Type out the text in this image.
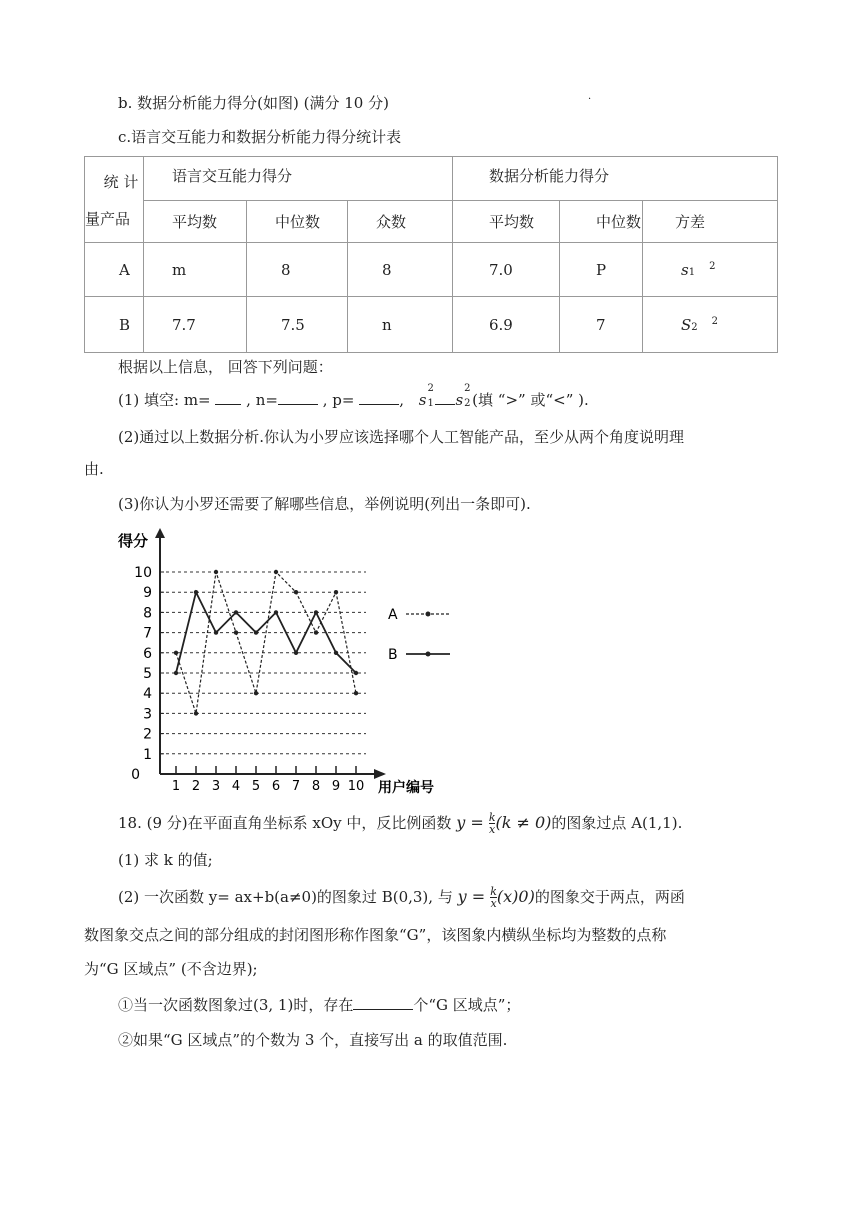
b. 数据分析能力得分(如图) (满分 10 分)	·
c.语言交互能力和数据分析能力得分统计表
统 计
量产品	语言交互能力得分			数据分析能力得分		
	平均数	中位数	众数	平均数	中位数	方差
A	m	8	8	7.0	P	$s1^2$
B	7.7	7.5	n	6.9	7	$S2^2$
根据以上信息， 回答下列问题：
(1) 填空: m=  , n=	, p=	, s
2
1 s
2
2 (填 “>” 或“<” ).
(2)通过以上数据分析.你认为小罗应该选择哪个人工智能产品，至少从两个角度说明理
由.
(3)你认为小罗还需要了解哪些信息，举例说明(列出一条即可).
0
1
2
3
4
5
6
7
8
9
10
1 2 3 4 5 6 7 8 9 10
得分
用户编号
A
B
18. (9 分)在平面直角坐标系 xOy 中，反比例函数 $y = \frac{k}{x} (k \ne 0)$的图象过点 A(1,1).
(1) 求 k 的值;
(2) 一次函数 y= ax+b(a≠0)的图象过 B(0,3), 与 $y = \frac{k}{x} (x)0$)的图象交于两点，两函
数图象交点之间的部分组成的封闭图形称作图象“G”，该图象内横纵坐标均为整数的点称
为“G 区域点” (不含边界);
①当一次函数图象过(3, 1)时，存在	个“G 区域点”；
②如果“G 区域点”的个数为 3 个，直接写出 a 的取值范围.
